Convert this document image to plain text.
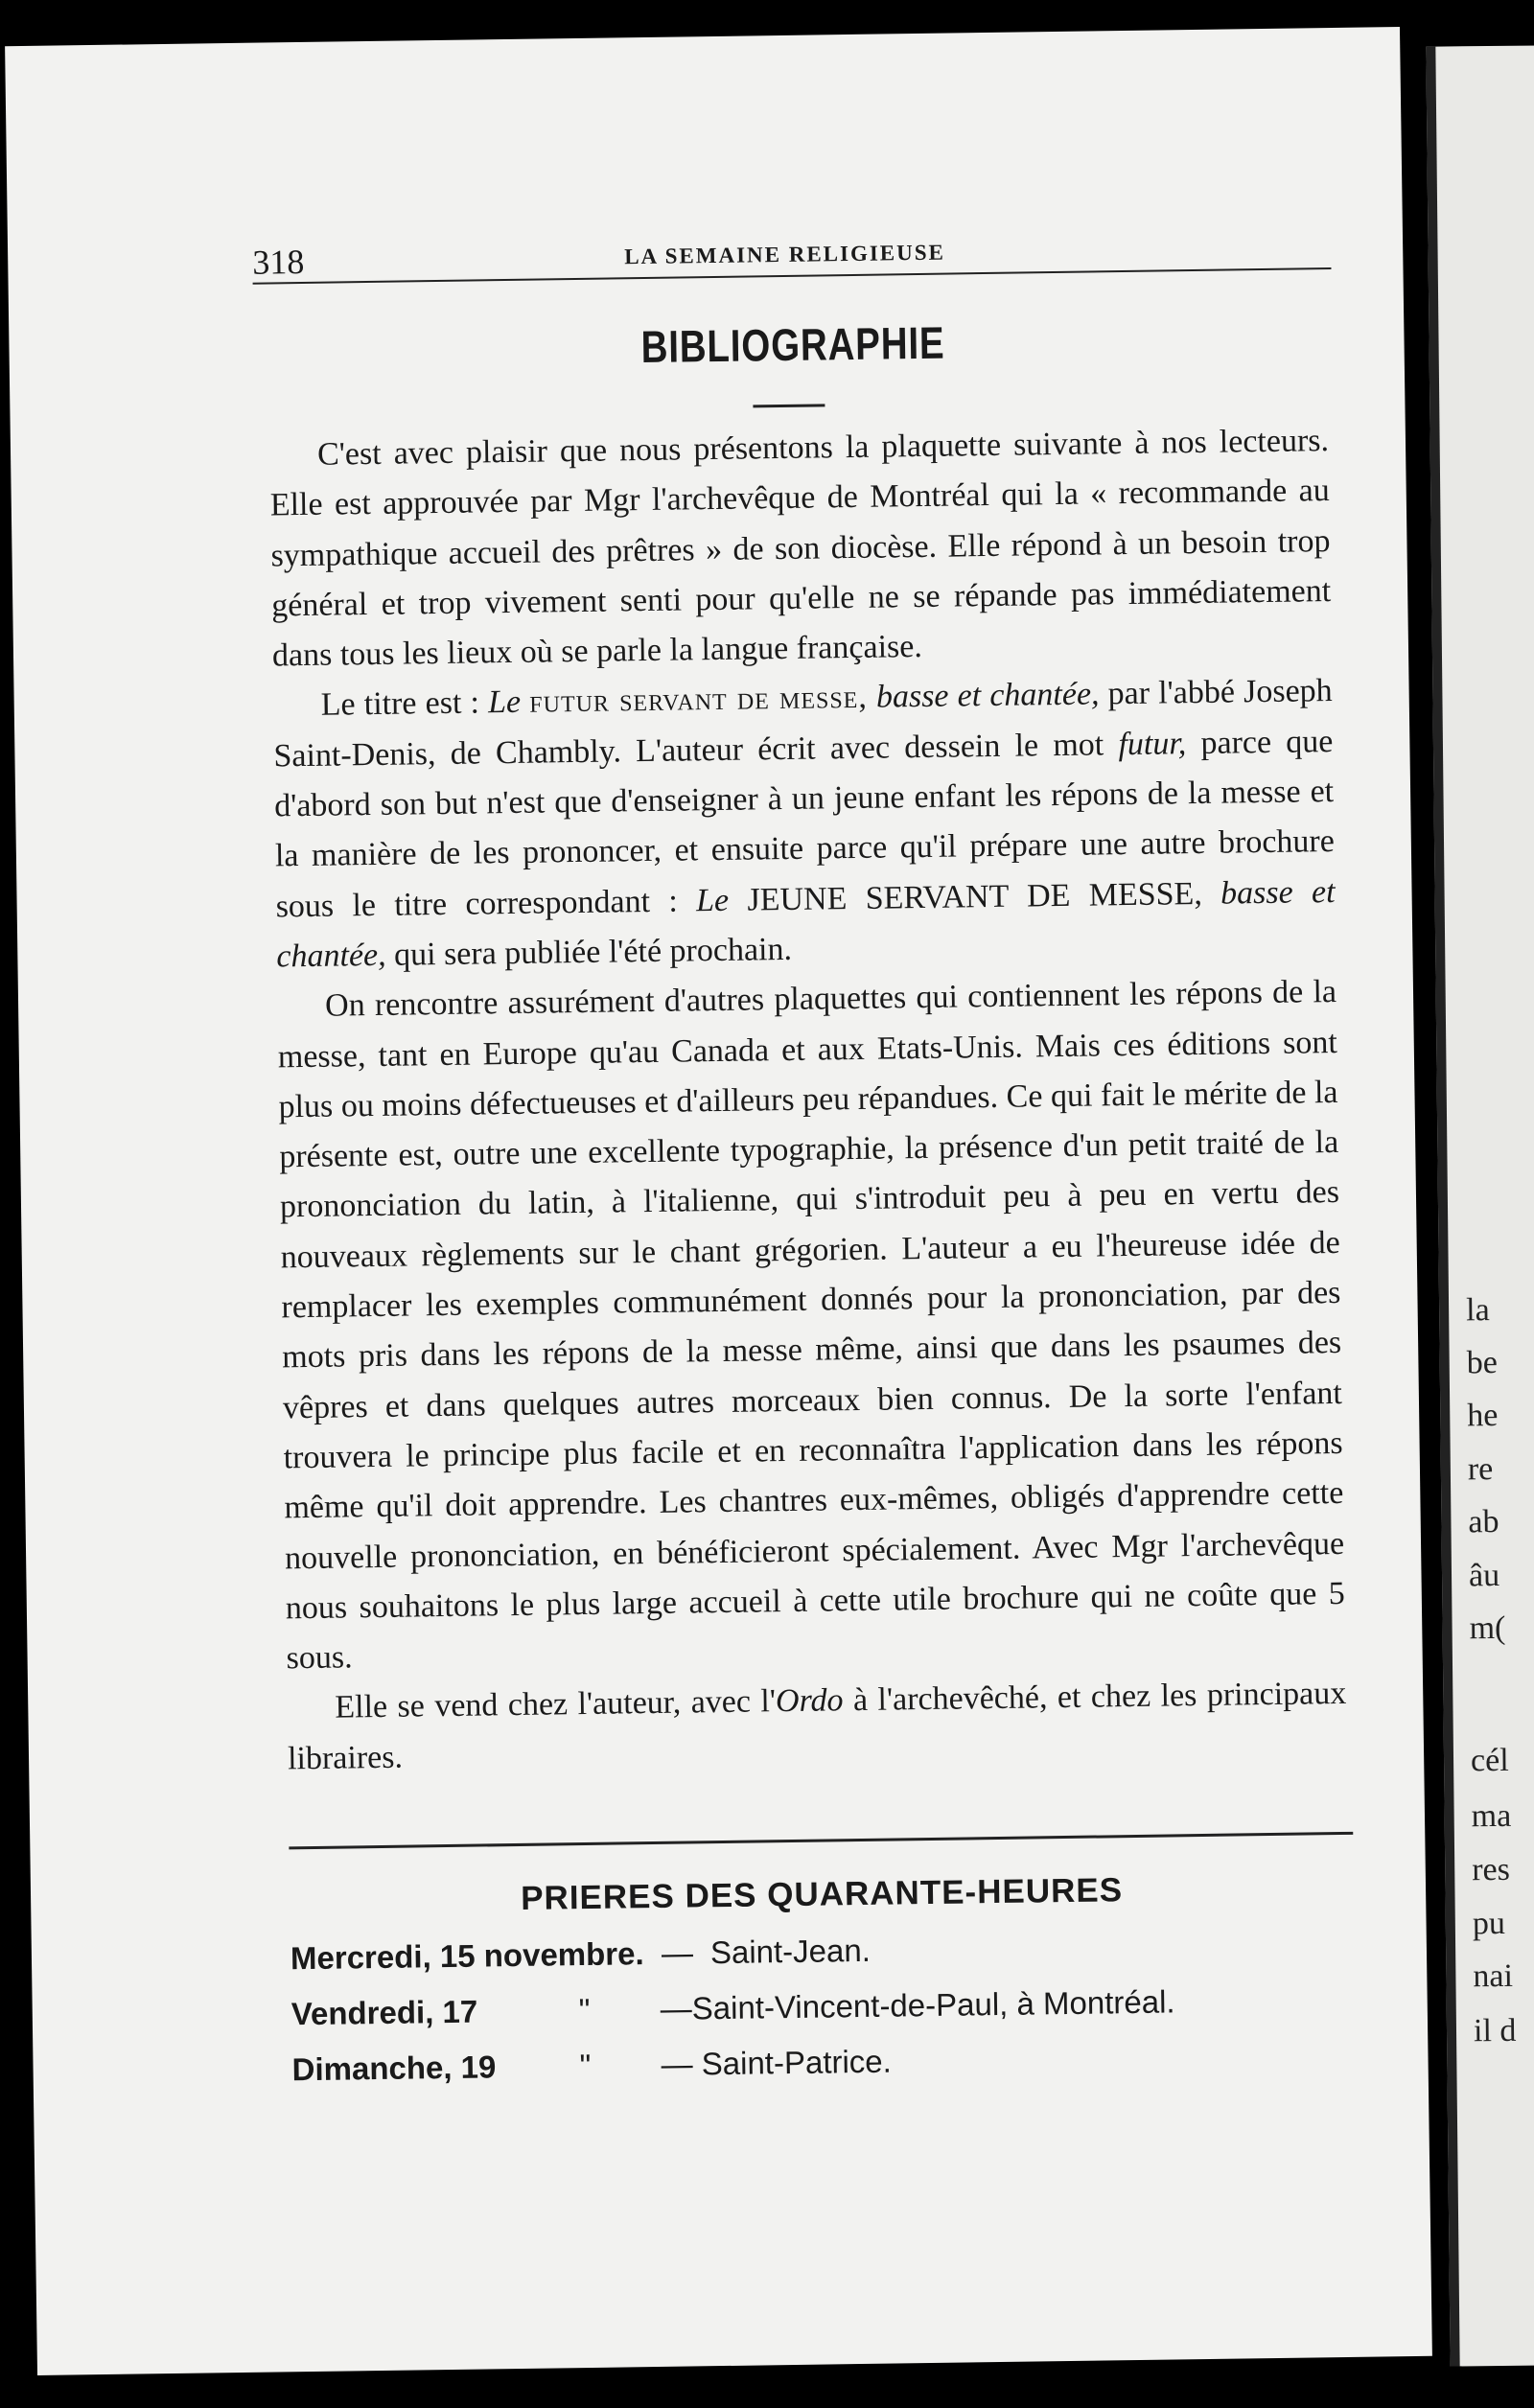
318	LA SEMAINE RELIGIEUSE
BIBLIOGRAPHIE

C'est avec plaisir que nous présentons la plaquette suivante à nos lecteurs. Elle est approuvée par Mgr l'archevêque de Montréal qui la « recommande au sympathique accueil des prêtres » de son diocèse. Elle répond à un besoin trop général et trop vivement senti pour qu'elle ne se répande pas immédiatement dans tous les lieux où se parle la langue française.

Le titre est : Le futur servant de messe, basse et chantée, par l'abbé Joseph Saint-Denis, de Chambly. L'auteur écrit avec dessein le mot futur, parce que d'abord son but n'est que d'enseigner à un jeune enfant les répons de la messe et la manière de les prononcer, et ensuite parce qu'il prépare une autre brochure sous le titre correspondant : Le JEUNE SERVANT DE MESSE, basse et chantée, qui sera publiée l'été prochain.

On rencontre assurément d'autres plaquettes qui contiennent les répons de la messe, tant en Europe qu'au Canada et aux Etats-Unis. Mais ces éditions sont plus ou moins défectueuses et d'ailleurs peu répandues. Ce qui fait le mérite de la présente est, outre une excellente typographie, la présence d'un petit traité de la prononciation du latin, à l'italienne, qui s'introduit peu à peu en vertu des nouveaux règlements sur le chant grégorien. L'auteur a eu l'heureuse idée de remplacer les exemples communément donnés pour la prononciation, par des mots pris dans les répons de la messe même, ainsi que dans les psaumes des vêpres et dans quelques autres morceaux bien connus. De la sorte l'enfant trouvera le principe plus facile et en reconnaîtra l'application dans les répons même qu'il doit apprendre. Les chantres eux-mêmes, obligés d'apprendre cette nouvelle prononciation, en bénéficieront spécialement. Avec Mgr l'archevêque nous souhaitons le plus large accueil à cette utile brochure qui ne coûte que 5 sous.

Elle se vend chez l'auteur, avec l'Ordo à l'archevêché, et chez les principaux libraires.

PRIERES DES QUARANTE-HEURES
Mercredi, 15 novembre. — Saint-Jean.
Vendredi, 17	" —Saint-Vincent-de-Paul, à Montréal.
Dimanche, 19	" — Saint-Patrice.
la
be
he
re
ab
âu
m(
cél
ma
res
pu
nai
il d
